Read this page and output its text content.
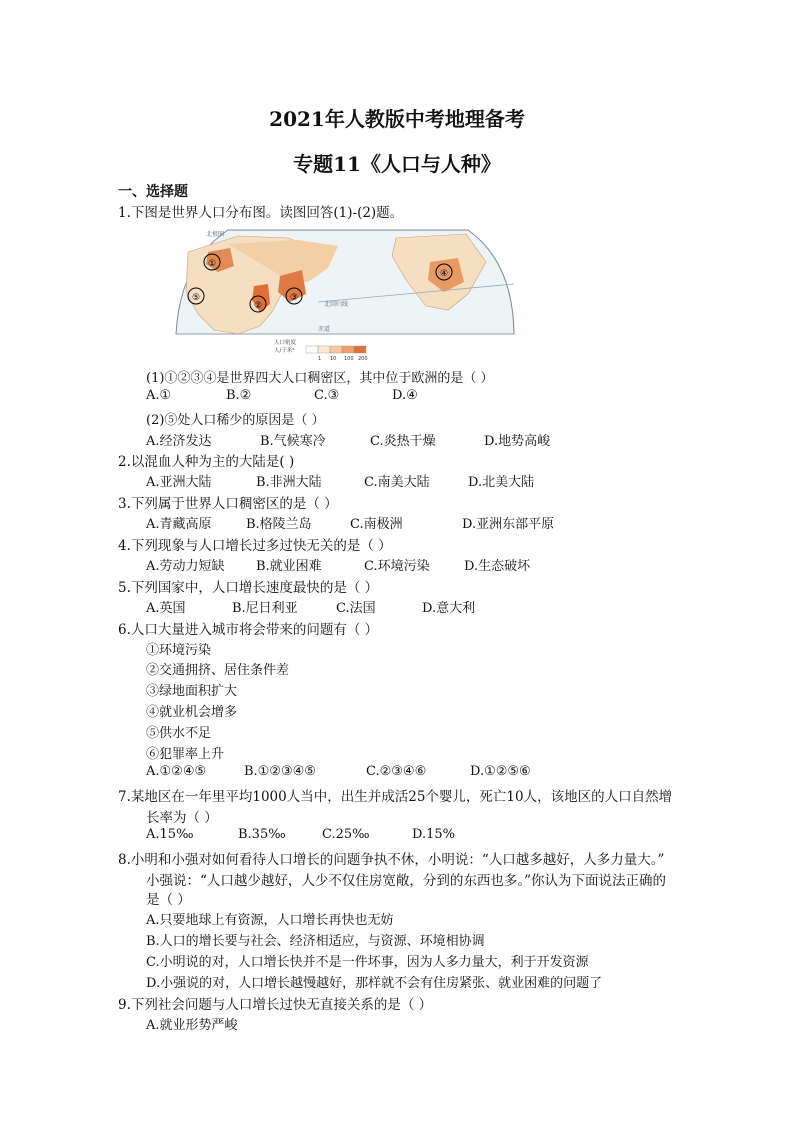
2021年人教版中考地理备考
专题11《人口与人种》
一、选择题
1.下图是世界人口分布图。读图回答(1)-(2)题。
①
②
③
④
⑤
北极圈
北回归线
赤道
人口密度
人/千米²
1 10 100 200
(1)①②③④是世界四大人口稠密区，其中位于欧洲的是（ ）
A.①	B.②	C.③	D.④
(2)⑤处人口稀少的原因是（ ）
A.经济发达	B.气候寒冷	C.炎热干燥	D.地势高峻
2.以混血人种为主的大陆是( )
A.亚洲大陆	B.非洲大陆	C.南美大陆	D.北美大陆
3.下列属于世界人口稠密区的是（ ）
A.青藏高原	B.格陵兰岛	C.南极洲	D.亚洲东部平原
4.下列现象与人口增长过多过快无关的是（ ）
A.劳动力短缺 B.就业困难	C.环境污染	D.生态破坏
5.下列国家中，人口增长速度最快的是（ ）
A.英国	B.尼日利亚	C.法国	D.意大利
6.人口大量进入城市将会带来的问题有（ ）
①环境污染
②交通拥挤、居住条件差
③绿地面积扩大
④就业机会增多
⑤供水不足
⑥犯罪率上升
A.①②④⑤	B.①②③④⑤	C.②③④⑥	D.①②⑤⑥
7.某地区在一年里平均1000人当中，出生并成活25个婴儿，死亡10人，该地区的人口自然增
长率为（ ）
A.15‰	B.35‰	C.25‰	D.15%
8.小明和小强对如何看待人口增长的问题争执不休，小明说：“人口越多越好，人多力量大。”
小强说：“人口越少越好，人少不仅住房宽敞，分到的东西也多。”你认为下面说法正确的
是（ ）
A.只要地球上有资源，人口增长再快也无妨
B.人口的增长要与社会、经济相适应，与资源、环境相协调
C.小明说的对，人口增长快并不是一件坏事，因为人多力量大，利于开发资源
D.小强说的对，人口增长越慢越好，那样就不会有住房紧张、就业困难的问题了
9.下列社会问题与人口增长过快无直接关系的是（ ）
A.就业形势严峻
